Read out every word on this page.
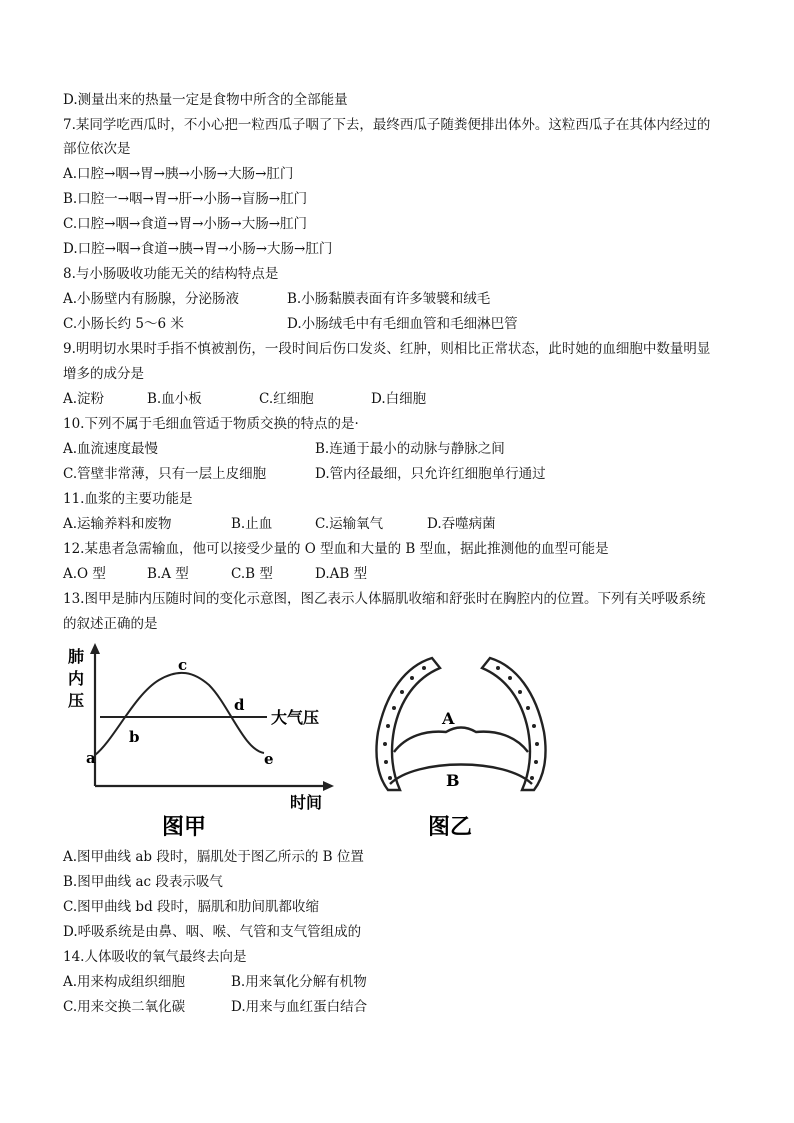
D.测量出来的热量一定是食物中所含的全部能量
7.某同学吃西瓜时，不小心把一粒西瓜子咽了下去，最终西瓜子随粪便排出体外。这粒西瓜子在其体内经过的
部位依次是
A.口腔→咽→胃→胰→小肠→大肠→肛门
B.口腔一→咽→胃→肝→小肠→盲肠→肛门
C.口腔→咽→食道→胃→小肠→大肠→肛门
D.口腔→咽→食道→胰→胃→小肠→大肠→肛门
8.与小肠吸收功能无关的结构特点是
A.小肠壁内有肠腺，分泌肠液	B.小肠黏膜表面有许多皱襞和绒毛
C.小肠长约 5～6 米	D.小肠绒毛中有毛细血管和毛细淋巴管
9.明明切水果时手指不慎被割伤，一段时间后伤口发炎、红肿，则相比正常状态，此时她的血细胞中数量明显
增多的成分是
A.淀粉	B.血小板	C.红细胞	D.白细胞
10.下列不属于毛细血管适于物质交换的特点的是·
A.血流速度最慢	B.连通于最小的动脉与静脉之间
C.管壁非常薄，只有一层上皮细胞	D.管内径最细，只允许红细胞单行通过
11.血浆的主要功能是
A.运输养料和废物	B.止血	C.运输氧气	D.吞噬病菌
12.某患者急需输血，他可以接受少量的 O 型血和大量的 B 型血，据此推测他的血型可能是
A.O 型	B.A 型	C.B 型	D.AB 型
13.图甲是肺内压随时间的变化示意图，图乙表示人体膈肌收缩和舒张时在胸腔内的位置。下列有关呼吸系统
的叙述正确的是
肺
内
压
a
b
c
d
e
大气压
时间
图甲
A
B
图乙
A.图甲曲线 ab 段时，膈肌处于图乙所示的 B 位置
B.图甲曲线 ac 段表示吸气
C.图甲曲线 bd 段时，膈肌和肋间肌都收缩
D.呼吸系统是由鼻、咽、喉、气管和支气管组成的
14.人体吸收的氧气最终去向是
A.用来构成组织细胞	B.用来氧化分解有机物
C.用来交换二氧化碳	D.用来与血红蛋白结合
